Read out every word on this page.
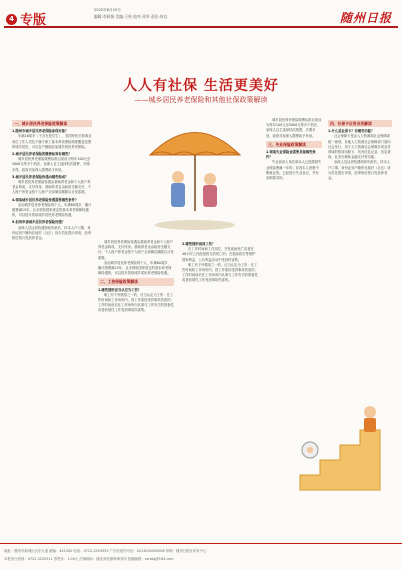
4 专版
2020年8月20日
编辑:李莉娟 美编:王杭 校对:邓华 责任:何以	随州日报
人人有社保 生活更美好
——城乡居民养老保险和其他社保政策解读
一、城乡居民养老保险政策解读
1.随州市城乡居民养老保险参保对象？
年满16周岁（不含在校学生），非国家机关和事业单位工作人员及不属于职工基本养老保险制度覆盖范围的城乡居民，可以在户籍地参加城乡居民养老保险。
2.城乡居民养老保险的缴费标准有哪些？
城乡居民养老保险缴费标准目前设为每年100元至5000元等多个档次，参保人自主选择档次缴费，多缴多得，政府对参保人缴费给予补贴。
3.城乡居民养老保险待遇由哪些构成？
城乡居民养老保险待遇由基础养老金和个人账户养老金构成，支付终身。基础养老金由政府全额支付，个人账户养老金按个人账户全部储存额除以计发系数。
4.领取城乡居民养老保险待遇需要哪些条件？
参加城乡居民养老保险的个人，年满60周岁、累计缴费满15年，且未领取国家规定的基本养老保障待遇的，可以按月领取城乡居民养老保险待遇。
5.如何申请城乡居民养老保险待遇？
参保人员达到待遇领取年龄后，持本人户口簿、身份证到户籍所在地村（社区）协办员处提出申请，经审核后按月发放养老金。
城乡居民养老保险待遇由基础养老金和个人账户养老金构成，支付终身。基础养老金由政府全额支付，个人账户养老金按个人账户全部储存额除以计发系数。
参加城乡居民养老保险的个人，年满60周岁、累计缴费满15年，且未领取国家规定的基本养老保障待遇的，可以按月领取城乡居民养老保险待遇。
二、工伤保险政策解读
1.哪些情形应当认定为工伤？
职工有下列情形之一的，应当认定为工伤：在工作时间和工作场所内，因工作原因受到事故伤害的；工作时间前后在工作场所内从事与工作有关的预备性或者收尾性工作受到事故伤害的。
2.哪些情形视同工伤？
在工作时间和工作岗位，突发疾病死亡或者在48小时之内经抢救无效死亡的；在抢险救灾等维护国家利益、公共利益活动中受到伤害的。
职工有下列情形之一的，应当认定为工伤：在工作时间和工作场所内，因工作原因受到事故伤害的；工作时间前后在工作场所内从事与工作有关的预备性或者收尾性工作受到事故伤害的。
城乡居民养老保险缴费标准目前设为每年100元至5000元等多个档次，参保人自主选择档次缴费，多缴多得，政府对参保人缴费给予补贴。
三、失业保险政策解读
1.领取失业保险金需要具备哪些条件？
失业前用人单位和本人已经缴纳失业保险费满一年的；非因本人意愿中断就业的；已经进行失业登记，并有求职要求的。
四、社保卡应用业务解读
1.什么是社保卡？有哪些功能？
社会保障卡是由人力资源和社会保障部统一规划，各地人力资源社会保障部门面向社会发行，用于人力资源社会保障各项业务领域的集成电路卡，具有信息记录、信息查询、业务办理和金融支付等功能。
参保人员达到待遇领取年龄后，持本人户口簿、身份证到户籍所在地村（社区）协办员处提出申请，经审核后按月发放养老金。
地址：随州市新城区汉东大道 邮编：441300 电话：0722-3255555 广告经营许可证：4213004000008 印刷：随州日报社印务中心
本报发行热线：0722-3255511 零售价：1.00元 法律顾问：湖北神龙律师事务所 投稿邮箱：szrbtg@163.com
